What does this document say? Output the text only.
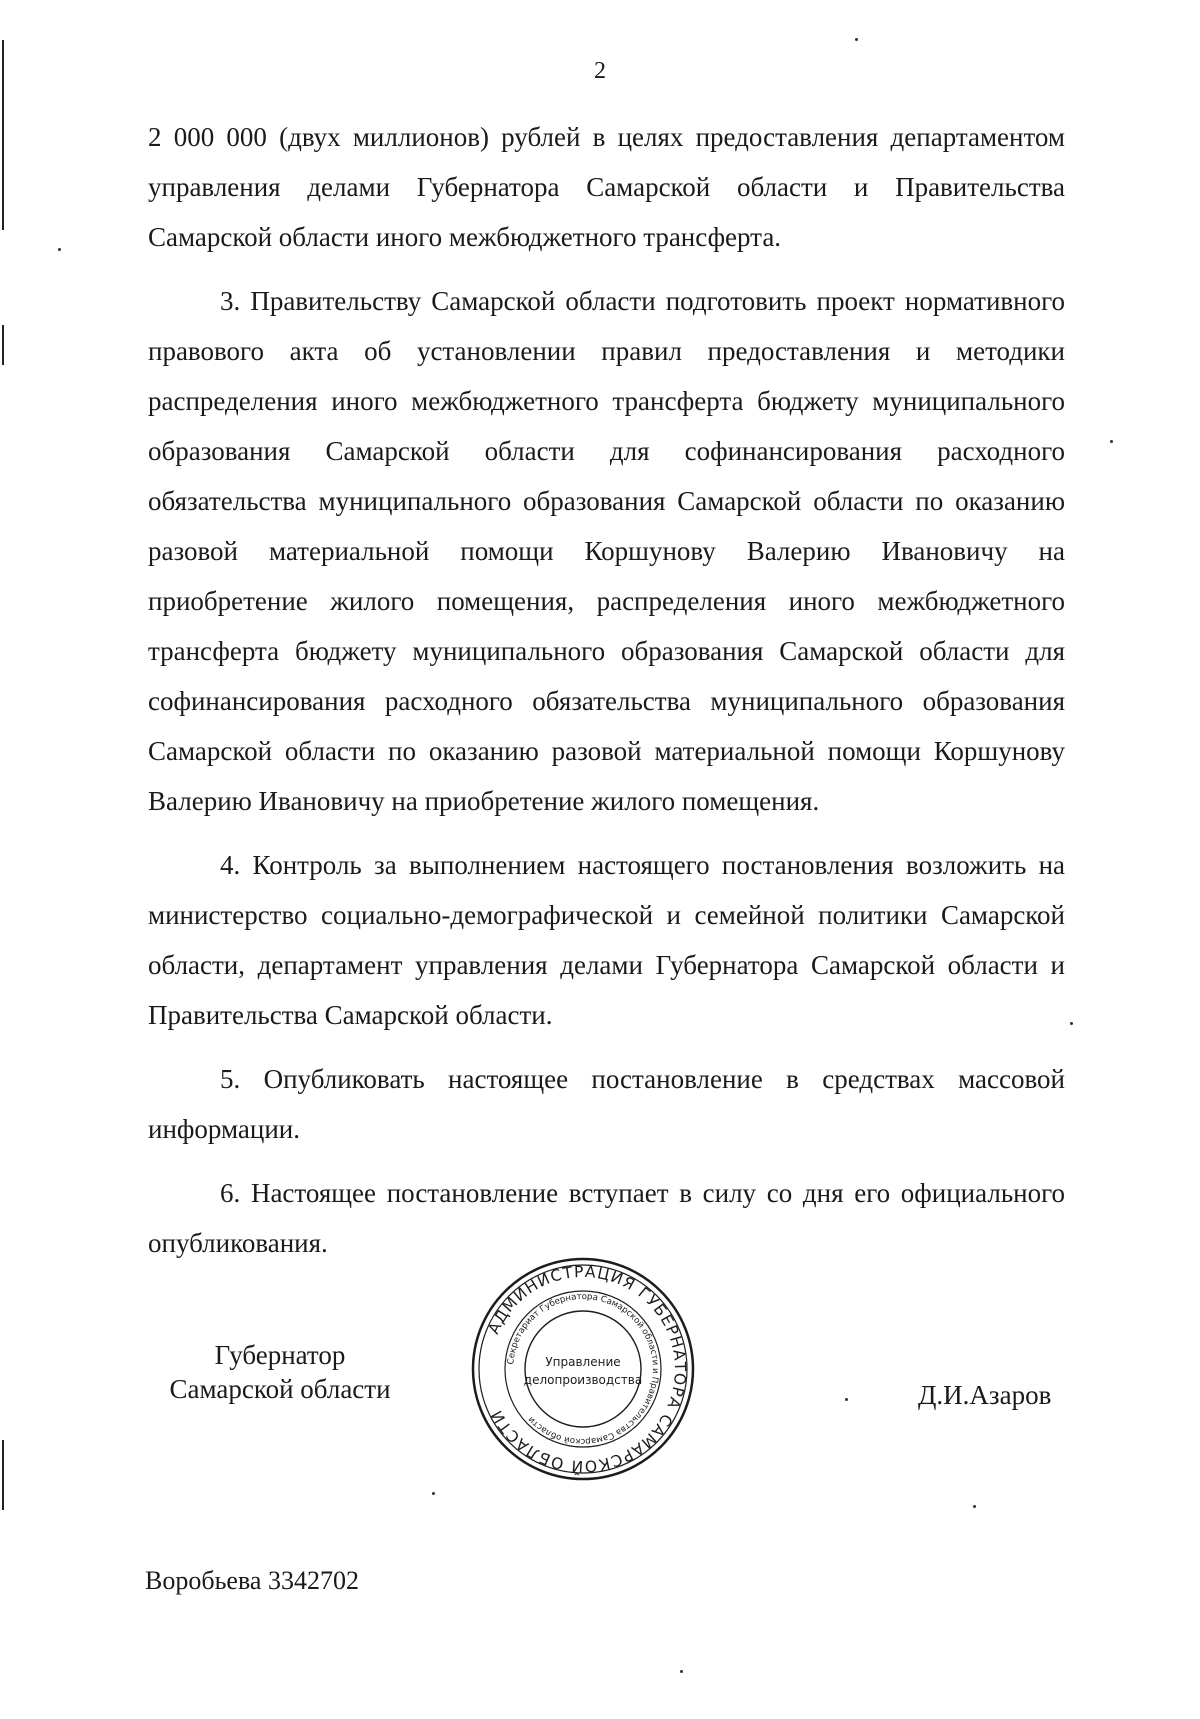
2

2 000 000 (двух миллионов) рублей в целях предоставления департаментом управления делами Губернатора Самарской области и Правительства Самарской области иного межбюджетного трансферта.

3. Правительству Самарской области подготовить проект нормативного правового акта об установлении правил предоставления и методики распределения иного межбюджетного трансферта бюджету муниципального образования Самарской области для софинансирования расходного обязательства муниципального образования Самарской области по оказанию разовой материальной помощи Коршунову Валерию Ивановичу на приобретение жилого помещения, распределения иного межбюджетного трансферта бюджету муниципального образования Самарской области для софинансирования расходного обязательства муниципального образования Самарской области по оказанию разовой материальной помощи Коршунову Валерию Ивановичу на приобретение жилого помещения.

4. Контроль за выполнением настоящего постановления возложить на министерство социально-демографической и семейной политики Самарской области, департамент управления делами Губернатора Самарской области и Правительства Самарской области.

5. Опубликовать настоящее постановление в средствах массовой информации.

6. Настоящее постановление вступает в силу со дня его официального опубликования.

Губернатор
Самарской области
АДМИНИСТРАЦИЯ ГУБЕРНАТОРА САМАРСКОЙ ОБЛАСТИ
Секретариат Губернатора Самарской области и Правительства Самарской области
Управление
делопроизводства	Д.И.Азаров
Воробьева 3342702
